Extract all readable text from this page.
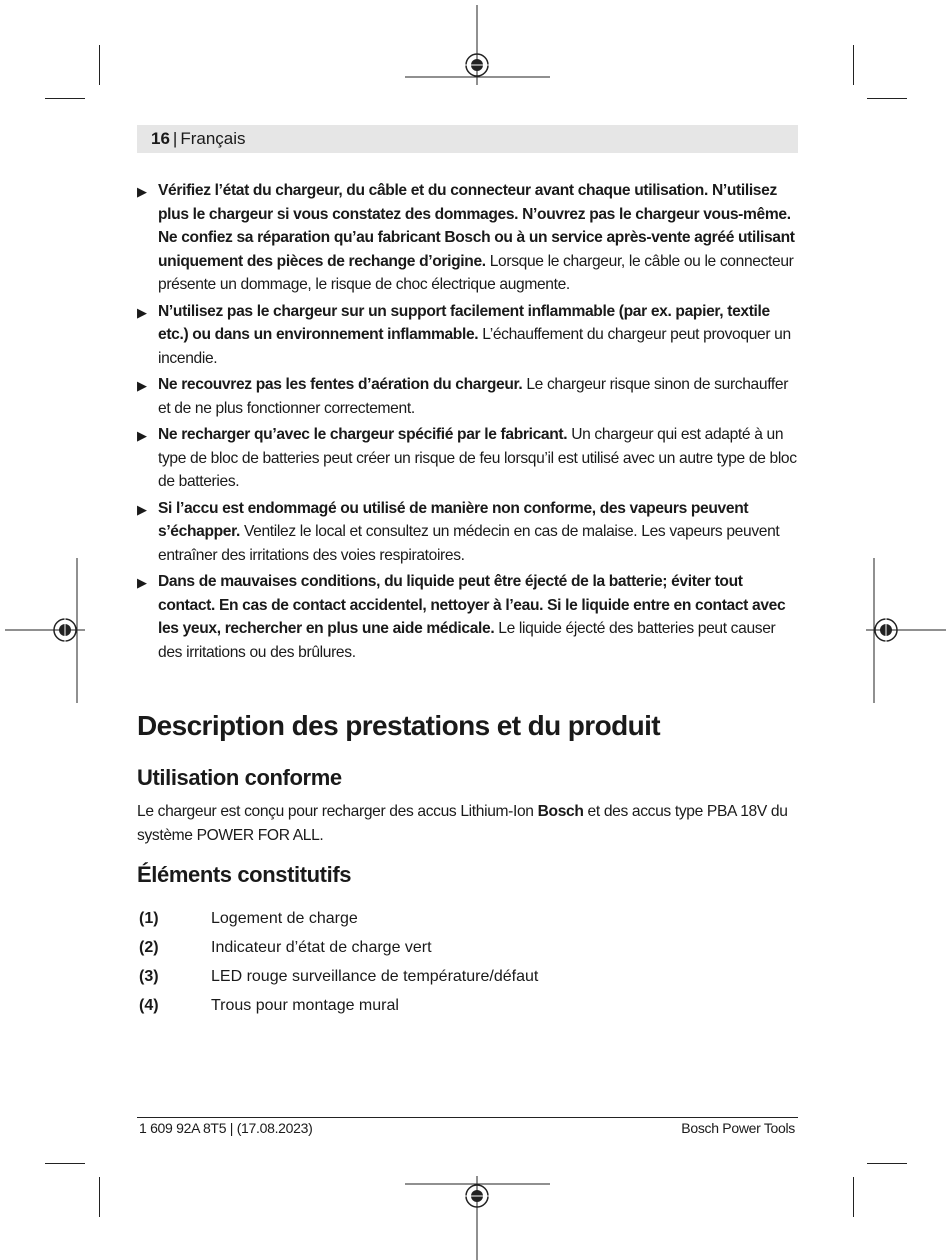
16 | Français
▶ Vérifiez l’état du chargeur, du câble et du connecteur avant chaque utilisation. N’utilisez plus le chargeur si vous constatez des dommages. N’ouvrez pas le chargeur vous-même. Ne confiez sa réparation qu’au fabricant Bosch ou à un service après-vente agréé utilisant uniquement des pièces de rechange d’origine. Lorsque le chargeur, le câble ou le connecteur présente un dommage, le risque de choc électrique augmente.
▶ N’utilisez pas le chargeur sur un support facilement inflammable (par ex. papier, textile etc.) ou dans un environnement inflammable. L’échauffement du chargeur peut provoquer un incendie.
▶ Ne recouvrez pas les fentes d’aération du chargeur. Le chargeur risque sinon de surchauffer et de ne plus fonctionner correctement.
▶ Ne recharger qu’avec le chargeur spécifié par le fabricant. Un chargeur qui est adapté à un type de bloc de batteries peut créer un risque de feu lorsqu’il est utilisé avec un autre type de bloc de batteries.
▶ Si l’accu est endommagé ou utilisé de manière non conforme, des vapeurs peuvent s’échapper. Ventilez le local et consultez un médecin en cas de malaise. Les vapeurs peuvent entraîner des irritations des voies respiratoires.
▶ Dans de mauvaises conditions, du liquide peut être éjecté de la batterie; éviter tout contact. En cas de contact accidentel, nettoyer à l’eau. Si le liquide entre en contact avec les yeux, rechercher en plus une aide médicale. Le liquide éjecté des batteries peut causer des irritations ou des brûlures.
Description des prestations et du produit
Utilisation conforme

Le chargeur est conçu pour recharger des accus Lithium-Ion Bosch et des accus type PBA 18V du système POWER FOR ALL.

Éléments constitutifs
(1)	Logement de charge
(2)	Indicateur d’état de charge vert
(3)	LED rouge surveillance de température/défaut
(4)	Trous pour montage mural
1 609 92A 8T5 | (17.08.2023)	Bosch Power Tools
